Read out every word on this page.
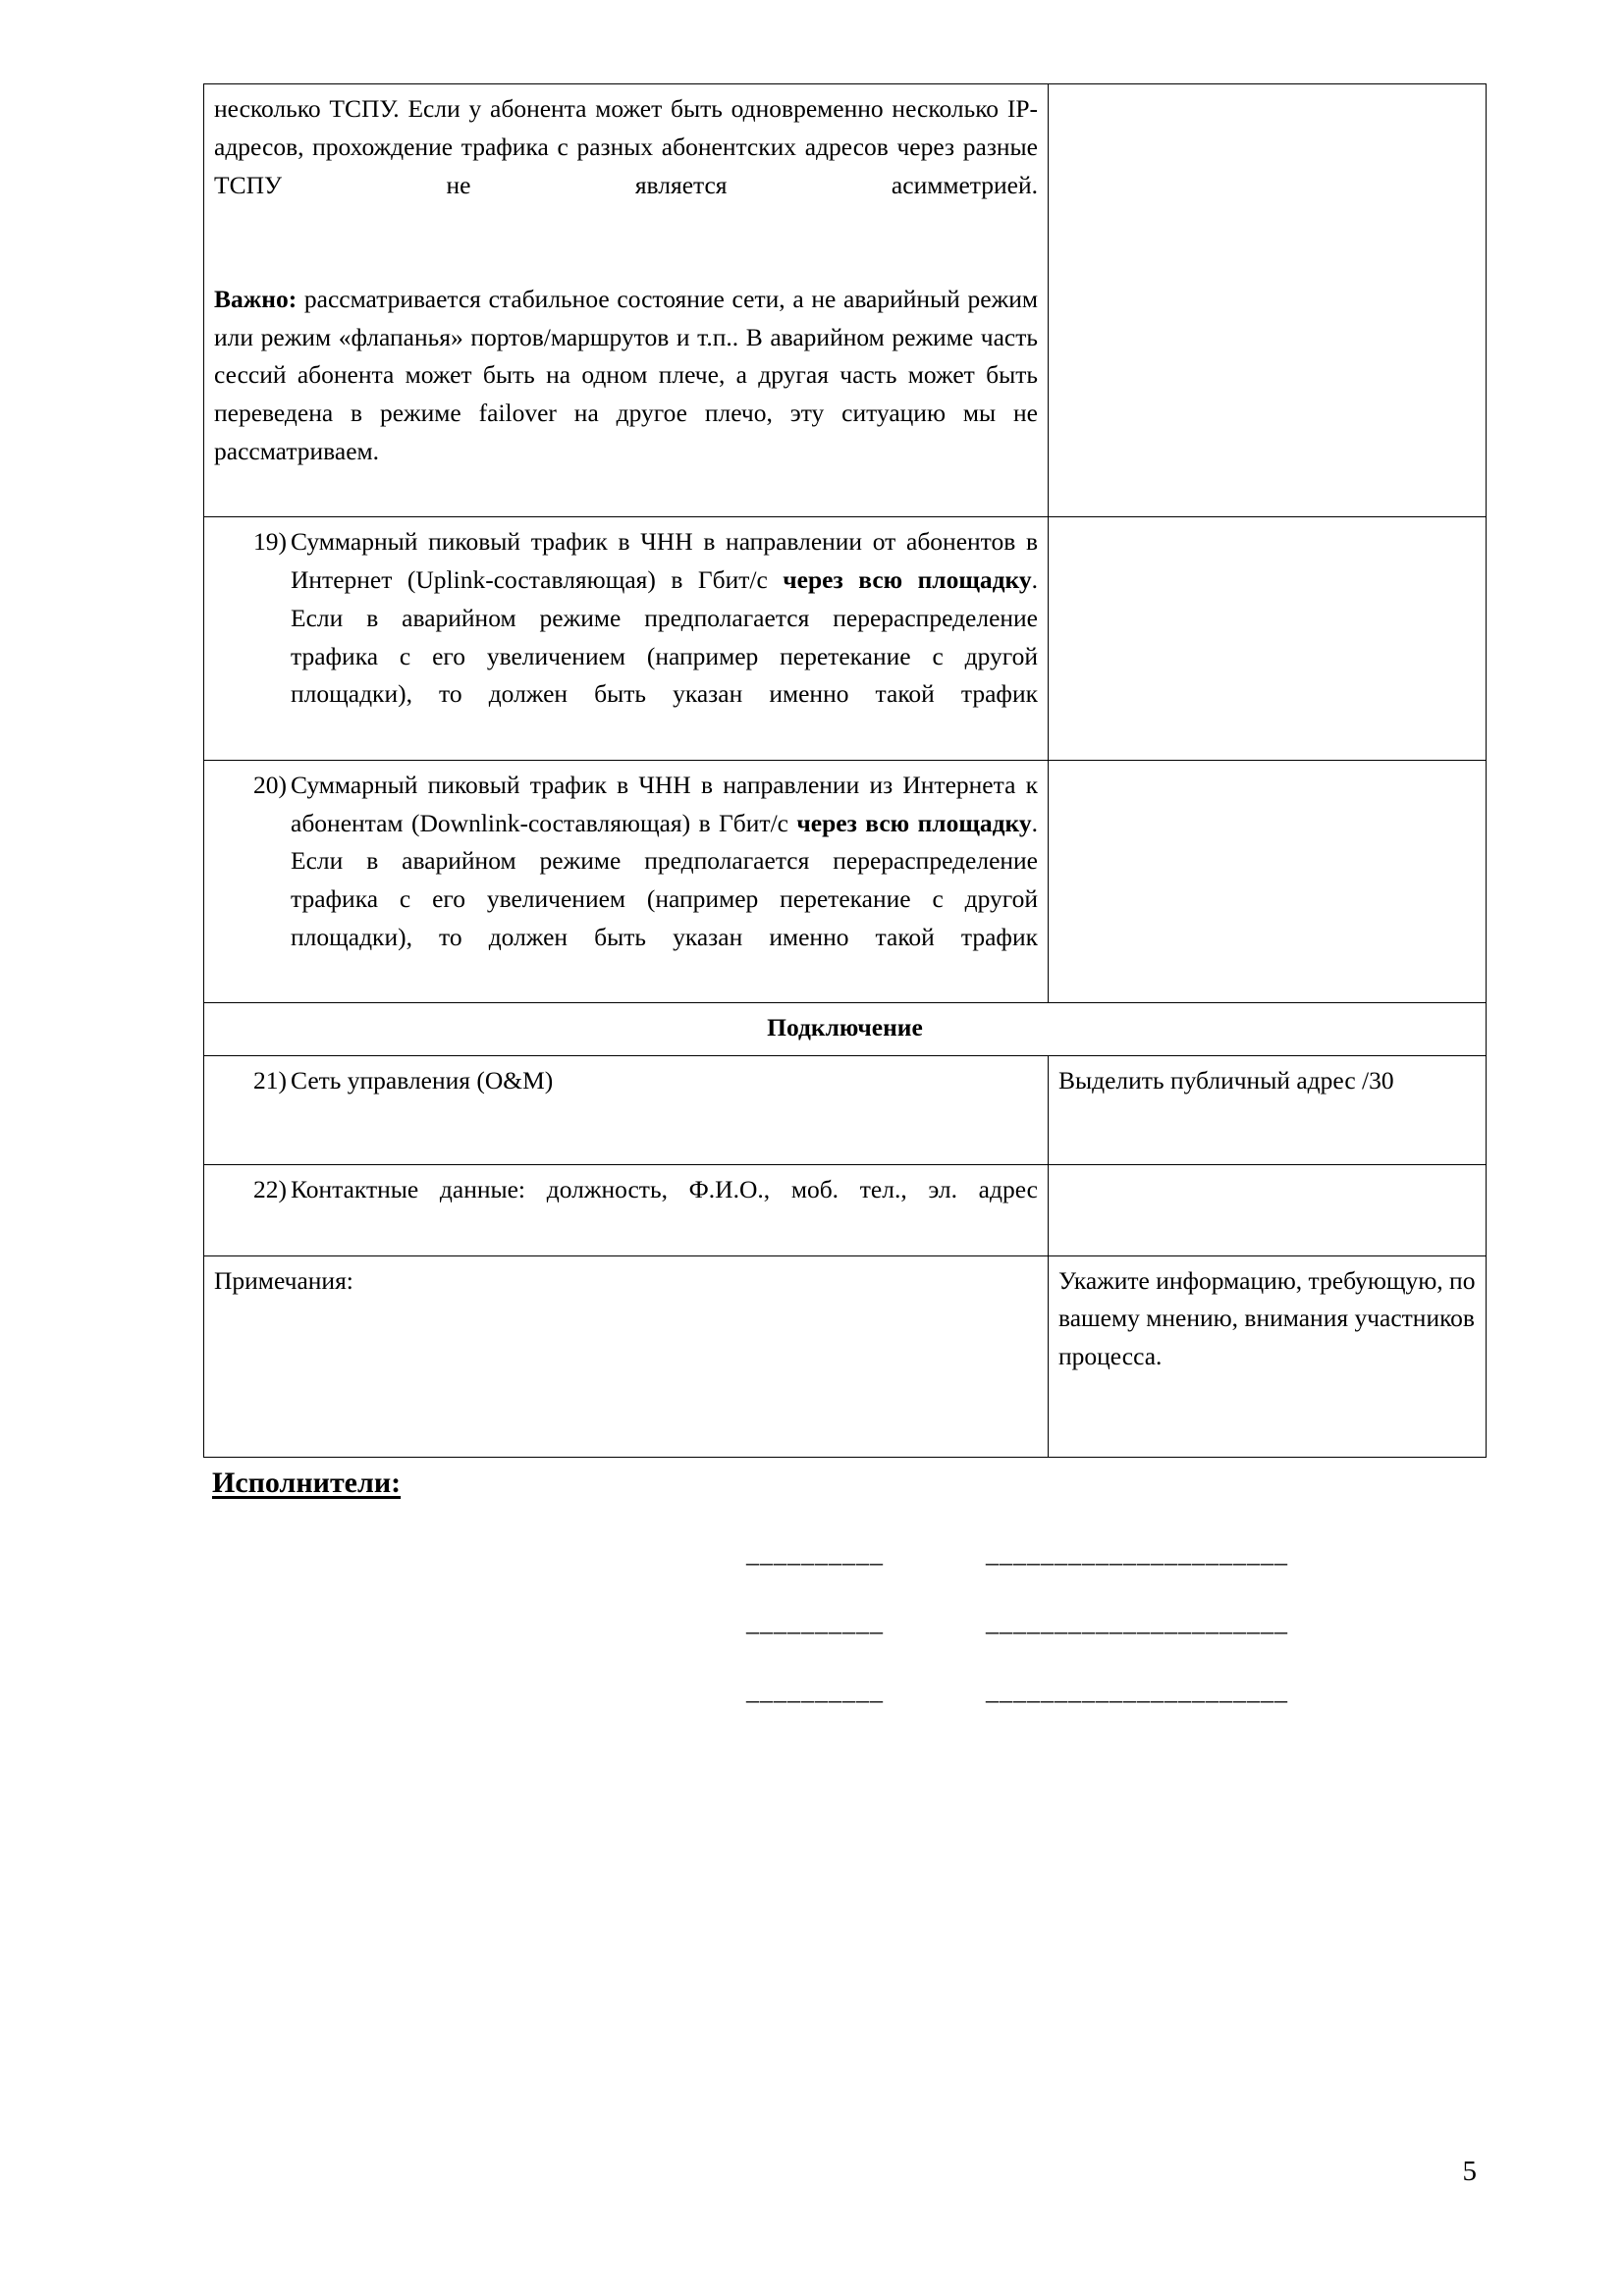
несколько ТСПУ. Если у абонента может быть одновременно несколько IP-адресов, прохождение трафика с разных абонентских адресов через разные ТСПУ не является асимметрией.

Важно: рассматривается стабильное состояние сети, а не аварийный режим или режим «флапанья» портов/маршрутов и т.п.. В аварийном режиме часть сессий абонента может быть на одном плече, а другая часть может быть переведена в режиме failover на другое плечо, эту ситуацию мы не рассматриваем.	

19) Суммарный пиковый трафик в ЧНН в направлении от абонентов в Интернет (Uplink-составляющая) в Гбит/с через всю площадку. Если в аварийном режиме предполагается перераспределение трафика с его увеличением (например перетекание с другой площадки), то должен быть указан именно такой трафик	

20) Суммарный пиковый трафик в ЧНН в направлении из Интернета к абонентам (Downlink-составляющая) в Гбит/с через всю площадку. Если в аварийном режиме предполагается перераспределение трафика с его увеличением (например перетекание с другой площадки), то должен быть указан именно такой трафик	

Подключение	

21) Сеть управления (O&M)	Выделить публичный адрес /30

22) Контактные данные: должность, Ф.И.О., моб. тел., эл. адрес	

Примечания:	Укажите информацию, требующую, по вашему мнению, внимания участников процесса.
Исполнители:
__________	______________________
__________	______________________
__________	______________________
5
